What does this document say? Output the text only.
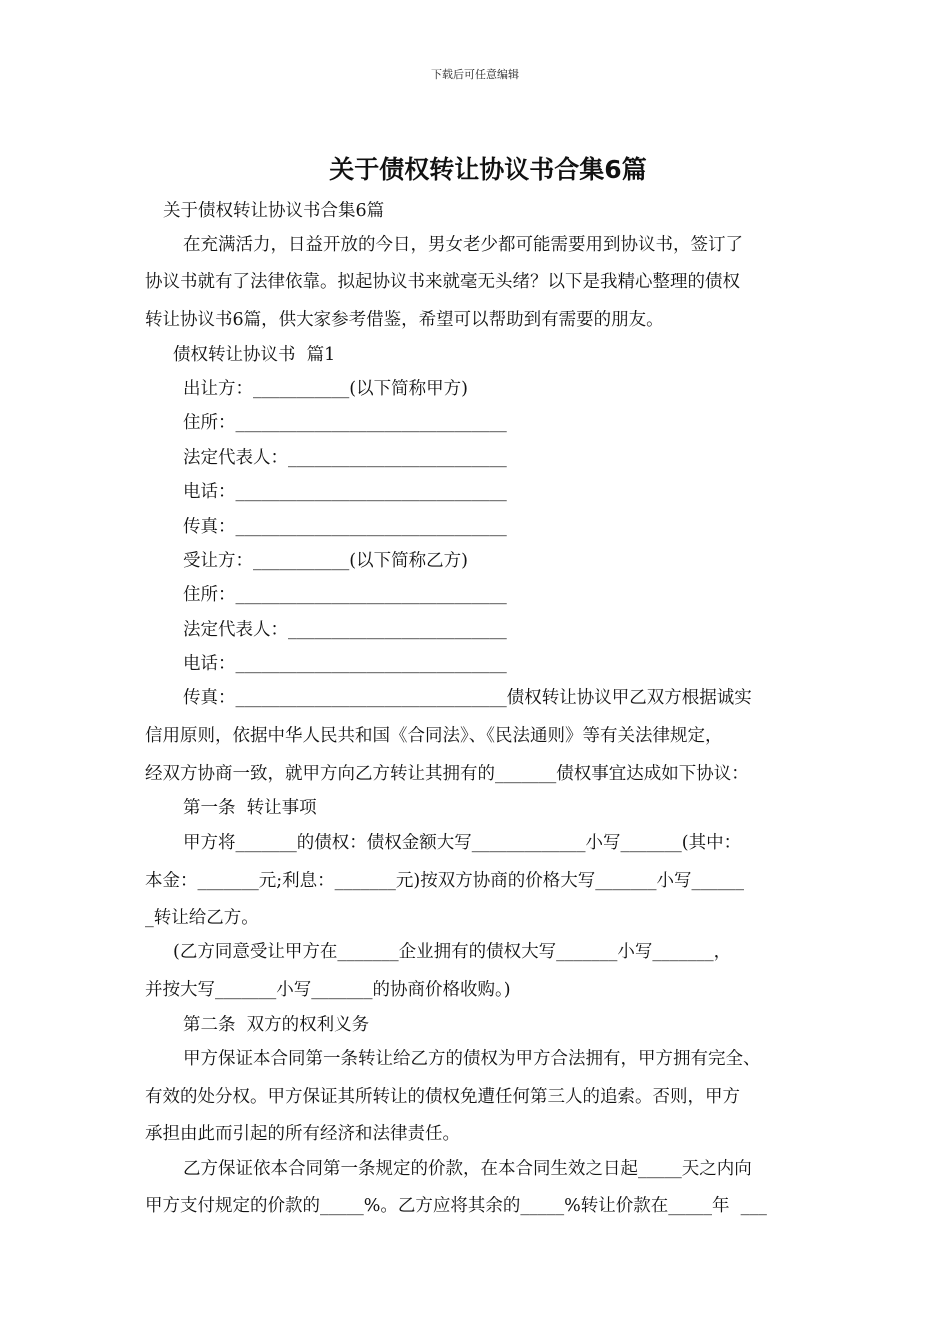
下载后可任意编辑
关于债权转让协议书合集6篇
关于债权转让协议书合集6篇
在充满活力，日益开放的今日，男女老少都可能需要用到协议书，签订了
协议书就有了法律依靠。拟起协议书来就毫无头绪？以下是我精心整理的债权
转让协议书6篇，供大家参考借鉴，希望可以帮助到有需要的朋友。
债权转让协议书  篇1
出让方：___________(以下简称甲方)
住所：_______________________________
法定代表人：_________________________
电话：_______________________________
传真：_______________________________
受让方：___________(以下简称乙方)
住所：_______________________________
法定代表人：_________________________
电话：_______________________________
传真：_______________________________债权转让协议甲乙双方根据诚实
信用原则，依据中华人民共和国《合同法》、《民法通则》等有关法律规定，
经双方协商一致，就甲方向乙方转让其拥有的_______债权事宜达成如下协议：
第一条  转让事项
甲方将_______的债权：债权金额大写_____________小写_______(其中：
本金：_______元;利息：_______元)按双方协商的价格大写_______小写______
_转让给乙方。
(乙方同意受让甲方在_______企业拥有的债权大写_______小写_______，
并按大写_______小写_______的协商价格收购。)
第二条  双方的权利义务
甲方保证本合同第一条转让给乙方的债权为甲方合法拥有，甲方拥有完全、
有效的处分权。甲方保证其所转让的债权免遭任何第三人的追索。否则，甲方
承担由此而引起的所有经济和法律责任。
乙方保证依本合同第一条规定的价款，在本合同生效之日起_____天之内向
甲方支付规定的价款的_____%。乙方应将其余的_____%转让价款在_____年  ___
